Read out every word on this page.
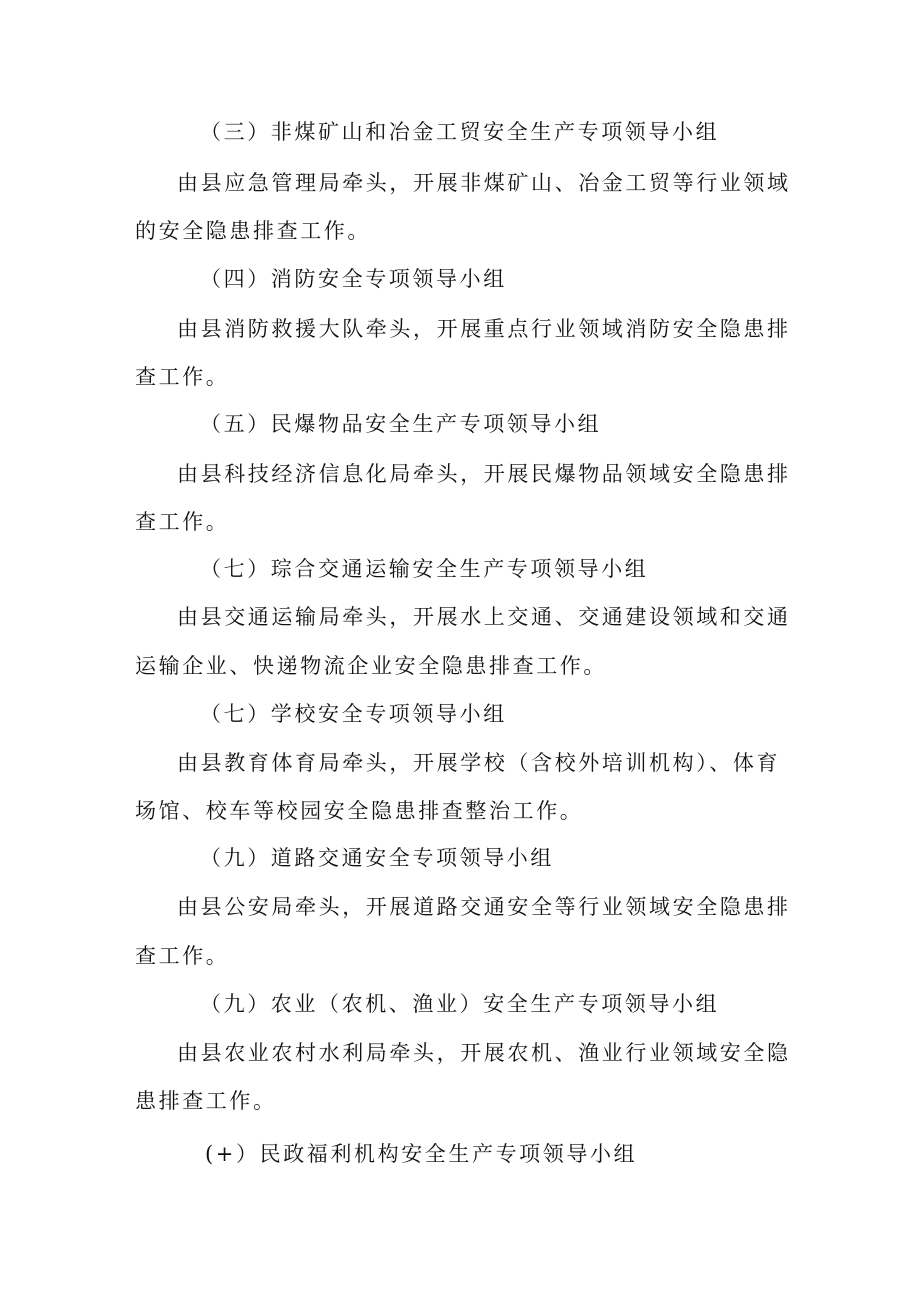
（三）非煤矿山和冶金工贸安全生产专项领导小组
由县应急管理局牵头，开展非煤矿山、冶金工贸等行业领域
的安全隐患排查工作。
（四）消防安全专项领导小组
由县消防救援大队牵头，开展重点行业领域消防安全隐患排
查工作。
（五）民爆物品安全生产专项领导小组
由县科技经济信息化局牵头，开展民爆物品领域安全隐患排
查工作。
（七）琮合交通运输安全生产专项领导小组
由县交通运输局牵头，开展水上交通、交通建设领域和交通
运输企业、快递物流企业安全隐患排查工作。
（七）学校安全专项领导小组
由县教育体育局牵头，开展学校（含校外培训机构）、体育
场馆、校车等校园安全隐患排查整治工作。
（九）道路交通安全专项领导小组
由县公安局牵头，开展道路交通安全等行业领域安全隐患排
查工作。
（九）农业（农机、渔业）安全生产专项领导小组
由县农业农村水利局牵头，开展农机、渔业行业领域安全隐
患排查工作。
(+）民政福利机构安全生产专项领导小组
